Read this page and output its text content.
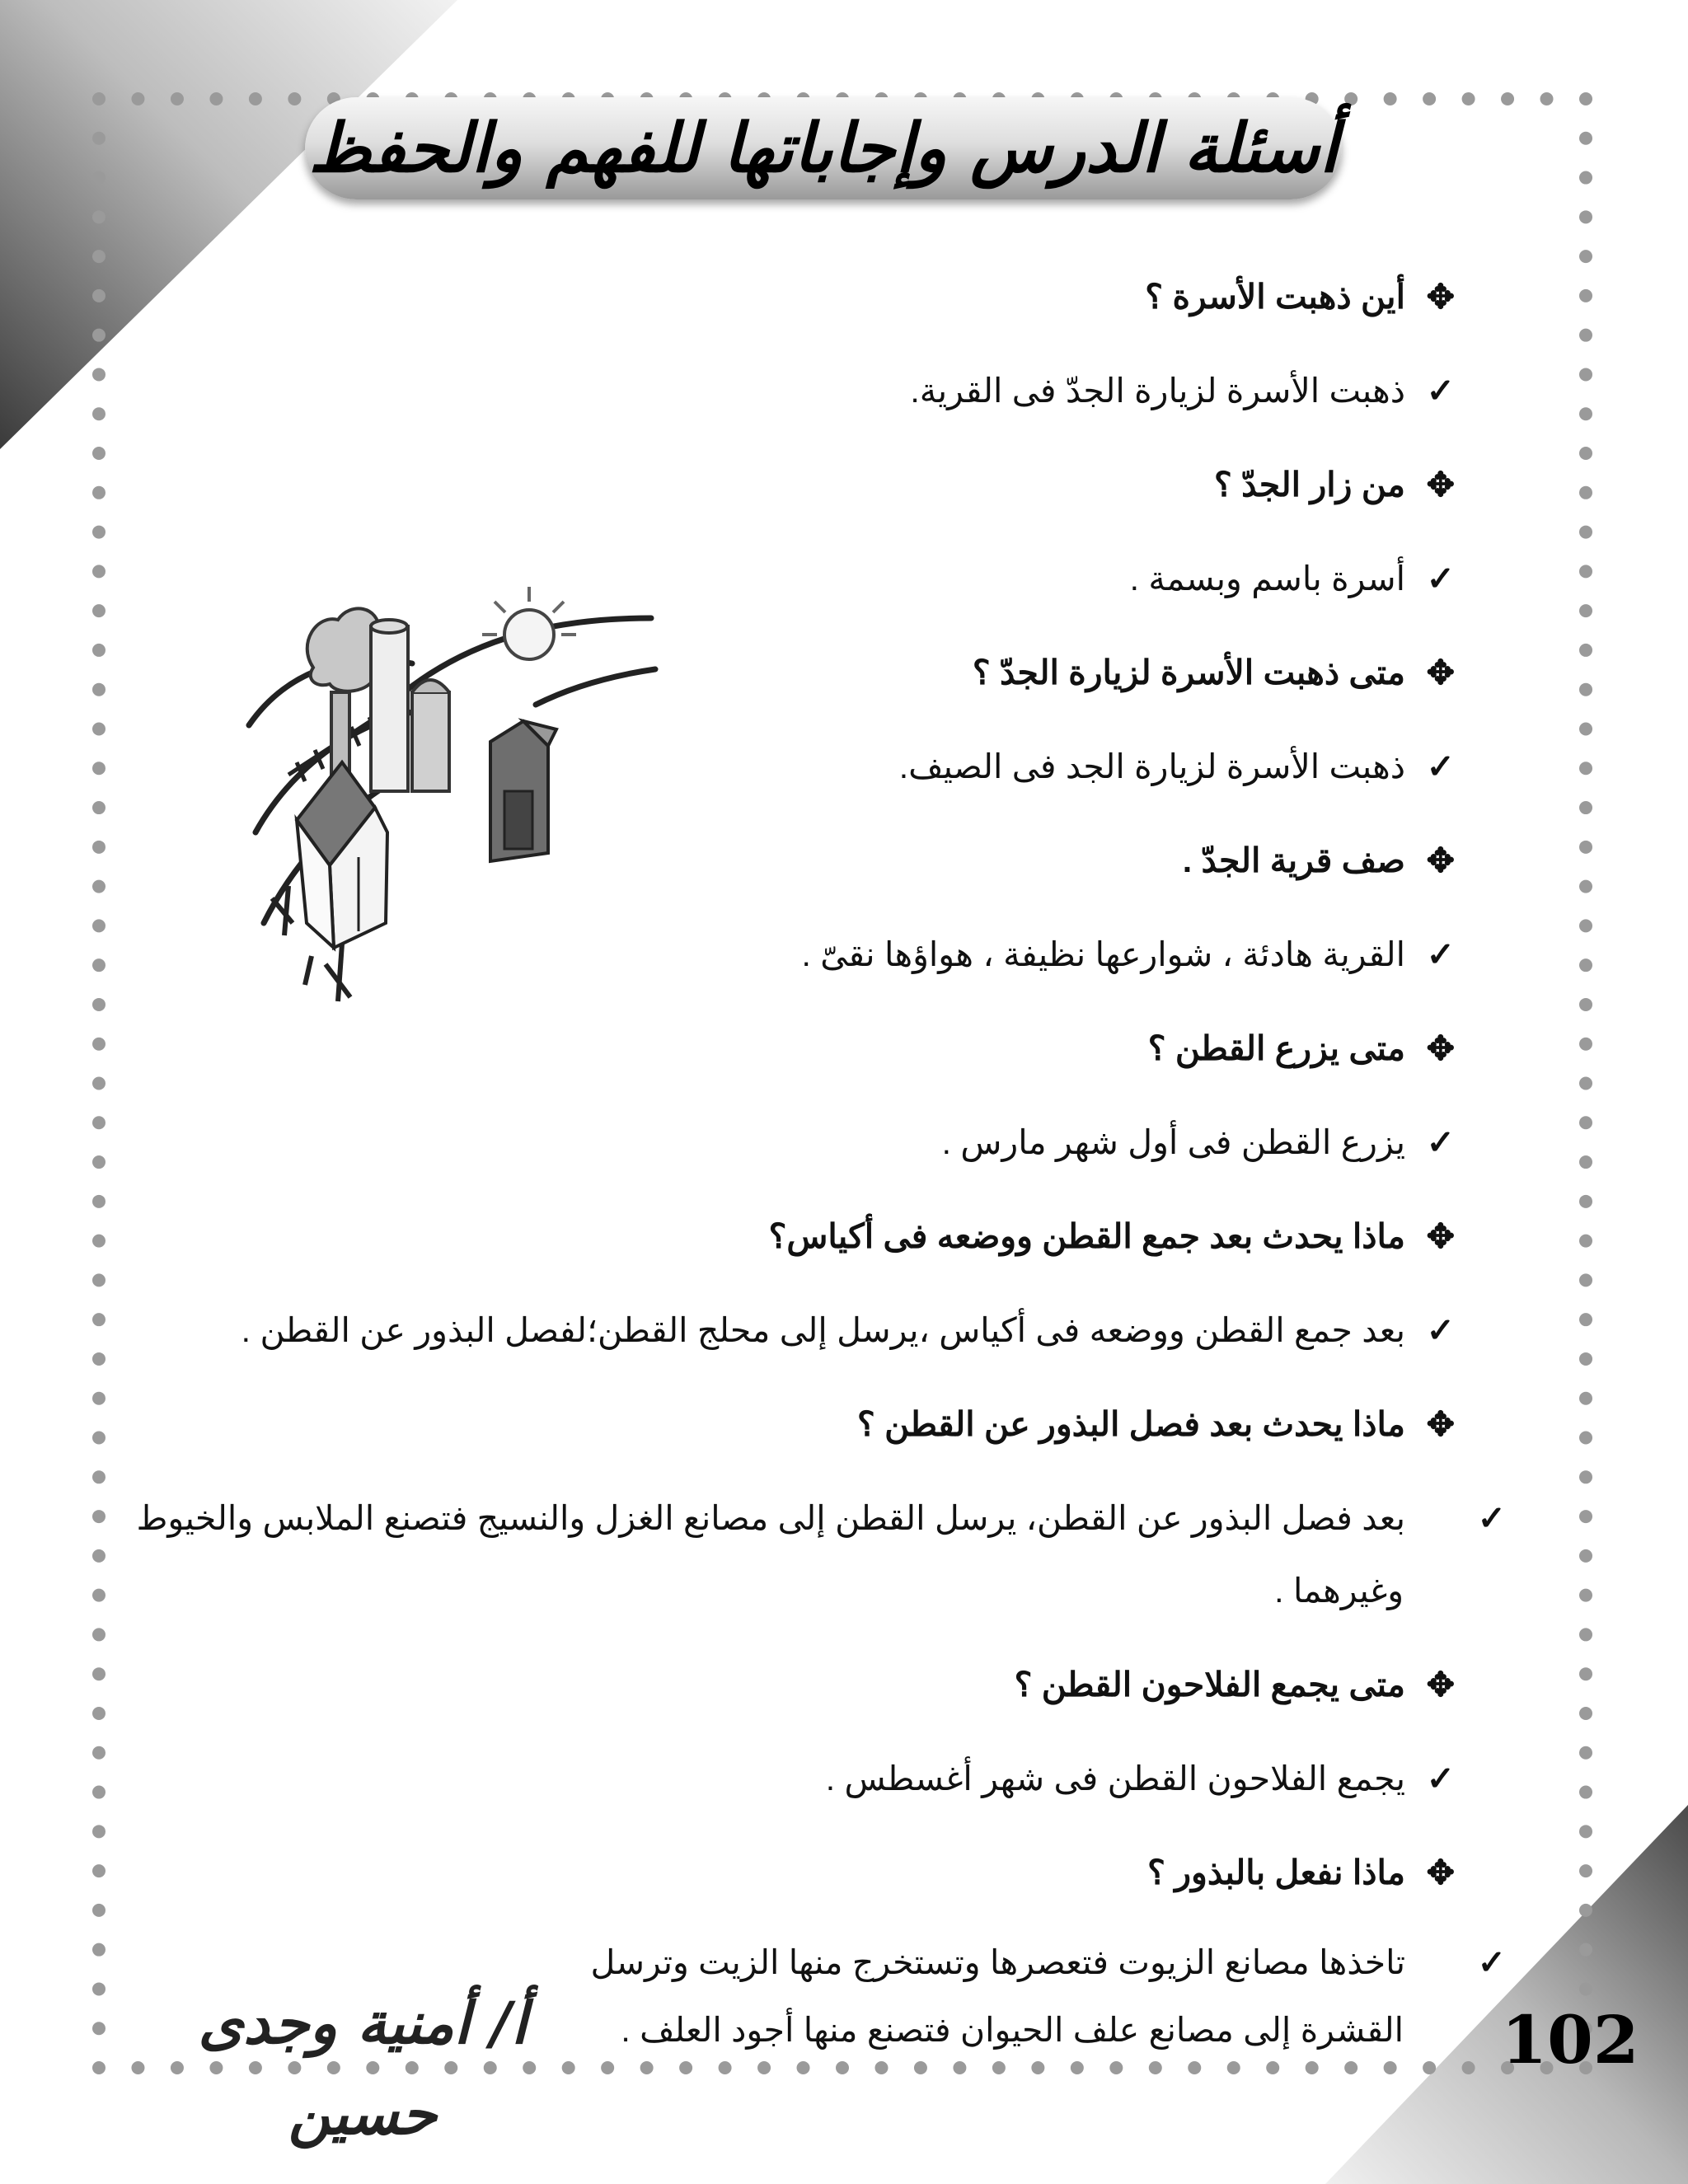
أسئلة الدرس وإجاباتها للفهم والحفظ
✥أين ذهبت الأسرة ؟
✓ذهبت الأسرة لزيارة الجدّ فى القرية.
✥من زار الجدّ ؟
✓أسرة باسم وبسمة .
✥متى ذهبت الأسرة لزيارة الجدّ ؟
✓ذهبت الأسرة لزيارة الجد فى الصيف.
✥صف قرية الجدّ .
✓القرية هادئة ، شوارعها نظيفة ، هواؤها نقىّ .
✥متى يزرع القطن ؟
✓يزرع القطن فى أول شهر مارس .
✥ماذا يحدث بعد جمع القطن ووضعه فى أكياس؟
✓بعد جمع القطن ووضعه فى أكياس ،يرسل إلى محلج القطن؛لفصل البذور عن القطن .
✥ماذا يحدث بعد فصل البذور عن القطن ؟
✓بعد فصل البذور عن القطن، يرسل القطن إلى مصانع الغزل والنسيج فتصنع الملابس والخيوط وغيرهما .
✥متى يجمع الفلاحون القطن ؟
✓يجمع الفلاحون القطن فى شهر أغسطس .
✥ماذا نفعل بالبذور ؟
✓تاخذها مصانع الزيوت فتعصرها وتستخرج منها الزيت وترسل القشرة إلى مصانع علف الحيوان فتصنع منها أجود العلف .
أ/ أمنية وجدى حسين
102
